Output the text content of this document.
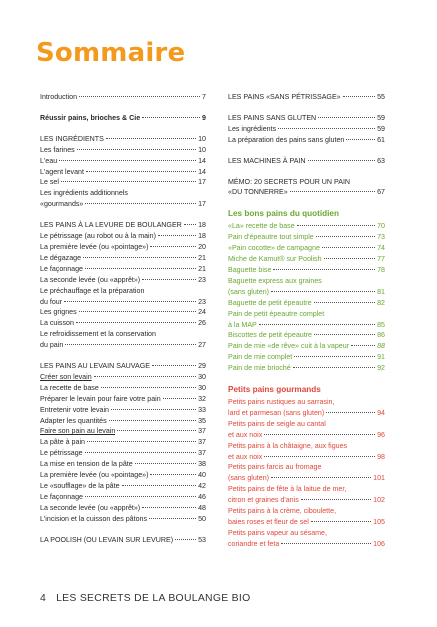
Sommaire
Introduction	7
Réussir pains, brioches & Cie	9
LES INGRÉDIENTS	10
Les farines	10
L'eau	14
L'agent levant	14
Le sel	17
Les ingrédients additionnels
«gourmands»	17
LES PAINS À LA LEVURE DE BOULANGER 18
Le pétrissage (au robot ou à la main)	18
La première levée (ou «pointage»)	20
Le dégazage	21
Le façonnage	21
La seconde levée (ou «apprêt»)	23
Le préchauffage et la préparation
du four	23
Les grignes	24
La cuisson	26
Le refroidissement et la conservation
du pain	27
LES PAINS AU LEVAIN SAUVAGE	29
Créer son levain	30
La recette de base	30
Préparer le levain pour faire votre pain	32
Entretenir votre levain	33
Adapter les quantités	35
Faire son pain au levain	37
La pâte à pain	37
Le pétrissage	37
La mise en tension de la pâte	38
La première levée (ou «pointage»)	40
Le «soufflage» de la pâte	42
Le façonnage	46
La seconde levée (ou «apprêt»)	48
L'incision et la cuisson des pâtons	50
LA POOLISH (OU LEVAIN SUR LEVURE)	53
LES PAINS «SANS PÉTRISSAGE»	55
LES PAINS SANS GLUTEN	59
Les ingrédients	59
La préparation des pains sans gluten	61
LES MACHINES À PAIN	63
MÉMO: 20 SECRETS POUR UN PAIN
«DU TONNERRE»	67
Les bons pains du quotidien
«La» recette de base	70
Pain d'épeautre tout simple	73
«Pain cocotte» de campagne	74
Miche de Kamut® sur Poolish	77
Baguette bise	78
Baguette express aux graines
(sans gluten)	81
Baguette de petit épeautre	82
Pain de petit épeautre complet
à la MAP	85
Biscottes de petit épeautre	86
Pain de mie «de rêve» cuit à la vapeur	88
Pain de mie complet	91
Pain de mie brioché	92
Petits pains gourmands
Petits pains rustiques au sarrasin,
lard et parmesan (sans gluten)	94
Petits pains de seigle au cantal
et aux noix	96
Petits pains à la châtaigne, aux figues
et aux noix	98
Petits pains farcis au fromage
(sans gluten)	101
Petits pains de fête à la laitue de mer,
citron et graines d'anis	102
Petits pains à la crème, ciboulette,
baies roses et fleur de sel	105
Petits pains vapeur au sésame,
coriandre et feta	106
4 LES SECRETS DE LA BOULANGE BIO
